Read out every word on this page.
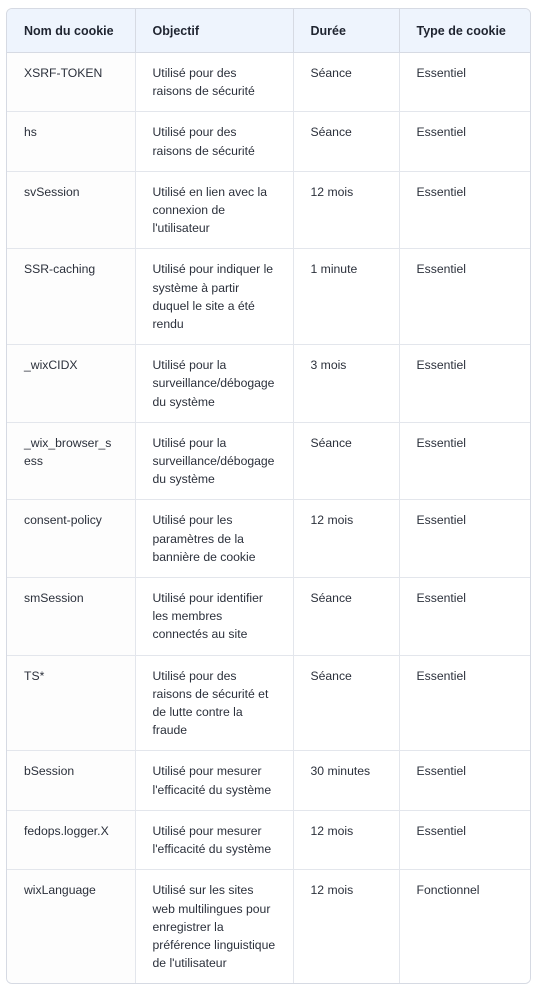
Nom du cookie	Objectif	Durée	Type de cookie
XSRF-TOKEN	Utilisé pour des raisons de sécurité	Séance	Essentiel
hs	Utilisé pour des raisons de sécurité	Séance	Essentiel
svSession	Utilisé en lien avec la connexion de l'utilisateur	12 mois	Essentiel
SSR-caching	Utilisé pour indiquer le système à partir duquel le site a été rendu	1 minute	Essentiel
_wixCIDX	Utilisé pour la surveillance/débogage du système	3 mois	Essentiel
_wix_browser_sess	Utilisé pour la surveillance/débogage du système	Séance	Essentiel
consent-policy	Utilisé pour les paramètres de la bannière de cookie	12 mois	Essentiel
smSession	Utilisé pour identifier les membres connectés au site	Séance	Essentiel
TS*	Utilisé pour des raisons de sécurité et de lutte contre la fraude	Séance	Essentiel
bSession	Utilisé pour mesurer l'efficacité du système	30 minutes	Essentiel
fedops.logger.X	Utilisé pour mesurer l'efficacité du système	12 mois	Essentiel
wixLanguage	Utilisé sur les sites web multilingues pour enregistrer la préférence linguistique de l'utilisateur	12 mois	Fonctionnel
